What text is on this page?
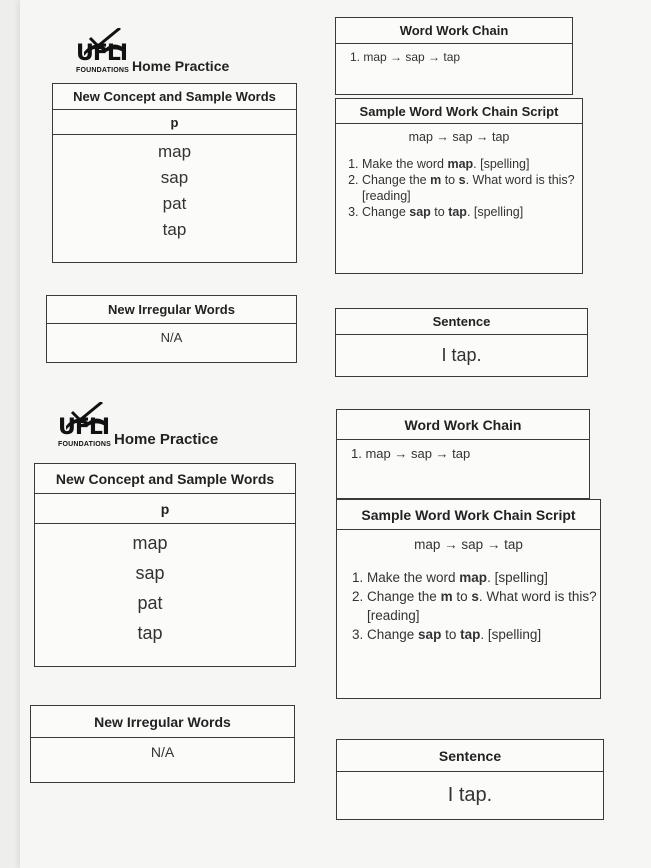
UFLI
FOUNDATIONS Home Practice
New Concept and Sample Words
p
map
sap
pat
tap
Word Work Chain
1. map → sap → tap
Sample Word Work Chain Script
map → sap → tap
1. Make the word map. [spelling]
2. Change the m to s. What word is this? [reading]
3. Change sap to tap. [spelling]
New Irregular Words
N/A
Sentence
I tap.
UFLI
FOUNDATIONS Home Practice
New Concept and Sample Words
p
map
sap
pat
tap
Word Work Chain
1. map → sap → tap
Sample Word Work Chain Script
map → sap → tap
1. Make the word map. [spelling]
2. Change the m to s. What word is this? [reading]
3. Change sap to tap. [spelling]
New Irregular Words
N/A	Sentence
I tap.
